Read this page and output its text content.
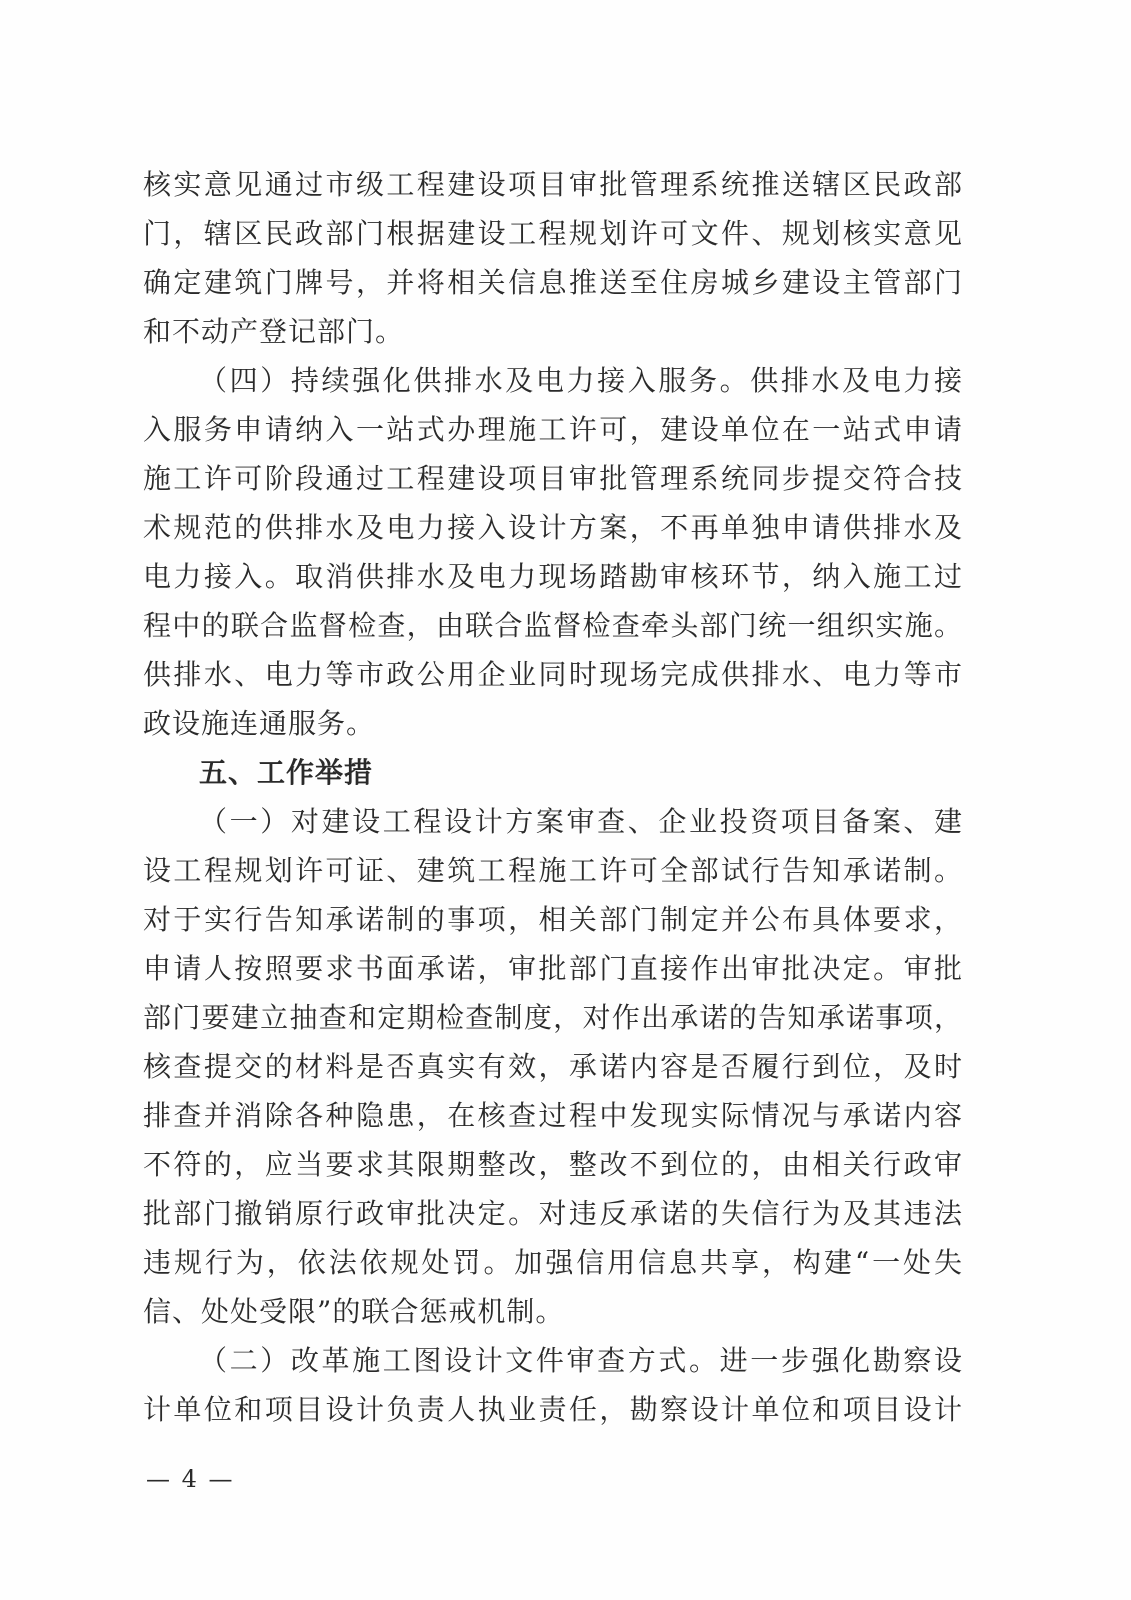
核实意见通过市级工程建设项目审批管理系统推送辖区民政部
门，辖区民政部门根据建设工程规划许可文件、规划核实意见
确定建筑门牌号，并将相关信息推送至住房城乡建设主管部门
和不动产登记部门。
（四）持续强化供排水及电力接入服务。供排水及电力接
入服务申请纳入一站式办理施工许可，建设单位在一站式申请
施工许可阶段通过工程建设项目审批管理系统同步提交符合技
术规范的供排水及电力接入设计方案，不再单独申请供排水及
电力接入。取消供排水及电力现场踏勘审核环节，纳入施工过
程中的联合监督检查，由联合监督检查牵头部门统一组织实施。
供排水、电力等市政公用企业同时现场完成供排水、电力等市
政设施连通服务。
五、工作举措
（一）对建设工程设计方案审查、企业投资项目备案、建
设工程规划许可证、建筑工程施工许可全部试行告知承诺制。
对于实行告知承诺制的事项，相关部门制定并公布具体要求，
申请人按照要求书面承诺，审批部门直接作出审批决定。审批
部门要建立抽查和定期检查制度，对作出承诺的告知承诺事项，
核查提交的材料是否真实有效，承诺内容是否履行到位，及时
排查并消除各种隐患，在核查过程中发现实际情况与承诺内容
不符的，应当要求其限期整改，整改不到位的，由相关行政审
批部门撤销原行政审批决定。对违反承诺的失信行为及其违法
违规行为，依法依规处罚。加强信用信息共享，构建“一处失
信、处处受限”的联合惩戒机制。
（二）改革施工图设计文件审查方式。进一步强化勘察设
计单位和项目设计负责人执业责任，勘察设计单位和项目设计
— 4 —
